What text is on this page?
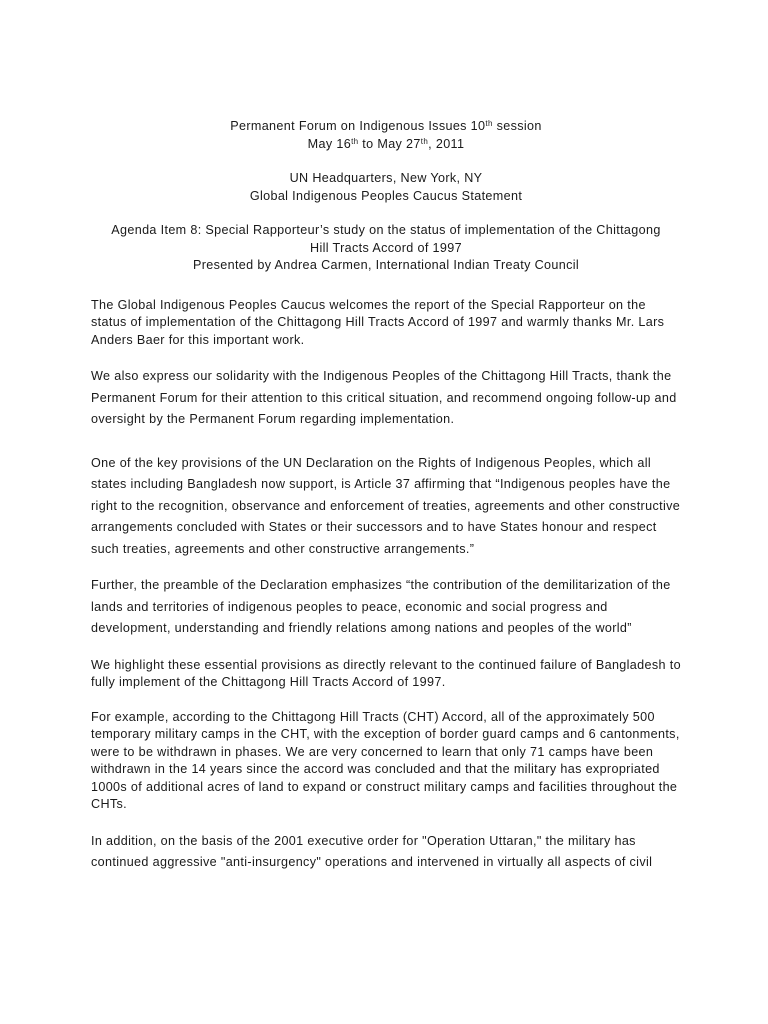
Permanent Forum on Indigenous Issues 10th session

May 16th to May 27th, 2011

UN Headquarters, New York, NY

Global Indigenous Peoples Caucus Statement

Agenda Item 8: Special Rapporteur’s study on the status of implementation of the Chittagong

Hill Tracts Accord of 1997

Presented by Andrea Carmen, International Indian Treaty Council

The Global Indigenous Peoples Caucus welcomes the report of the Special Rapporteur on the status of implementation of the Chittagong Hill Tracts Accord of 1997 and warmly thanks Mr. Lars Anders Baer for this important work.

We also express our solidarity with the Indigenous Peoples of the Chittagong Hill Tracts, thank the Permanent Forum for their attention to this critical situation, and recommend ongoing follow-up and oversight by the Permanent Forum regarding implementation.

One of the key provisions of the UN Declaration on the Rights of Indigenous Peoples, which all states including Bangladesh now support, is Article 37 affirming that “Indigenous peoples have the right to the recognition, observance and enforcement of treaties, agreements and other constructive arrangements concluded with States or their successors and to have States honour and respect such treaties, agreements and other constructive arrangements.”

Further, the preamble of the Declaration emphasizes “the contribution of the demilitarization of the lands and territories of indigenous peoples to peace, economic and social progress and development, understanding and friendly relations among nations and peoples of the world”

We highlight these essential provisions as directly relevant to the continued failure of Bangladesh to fully implement of the Chittagong Hill Tracts Accord of 1997.

For example, according to the Chittagong Hill Tracts (CHT) Accord, all of the approximately 500 temporary military camps in the CHT, with the exception of border guard camps and 6 cantonments, were to be withdrawn in phases. We are very concerned to learn that only 71 camps have been withdrawn in the 14 years since the accord was concluded and that the military has expropriated 1000s of additional acres of land to expand or construct military camps and facilities throughout the CHTs.

In addition, on the basis of the 2001 executive order for "Operation Uttaran," the military has continued aggressive "anti-insurgency" operations and intervened in virtually all aspects of civil
